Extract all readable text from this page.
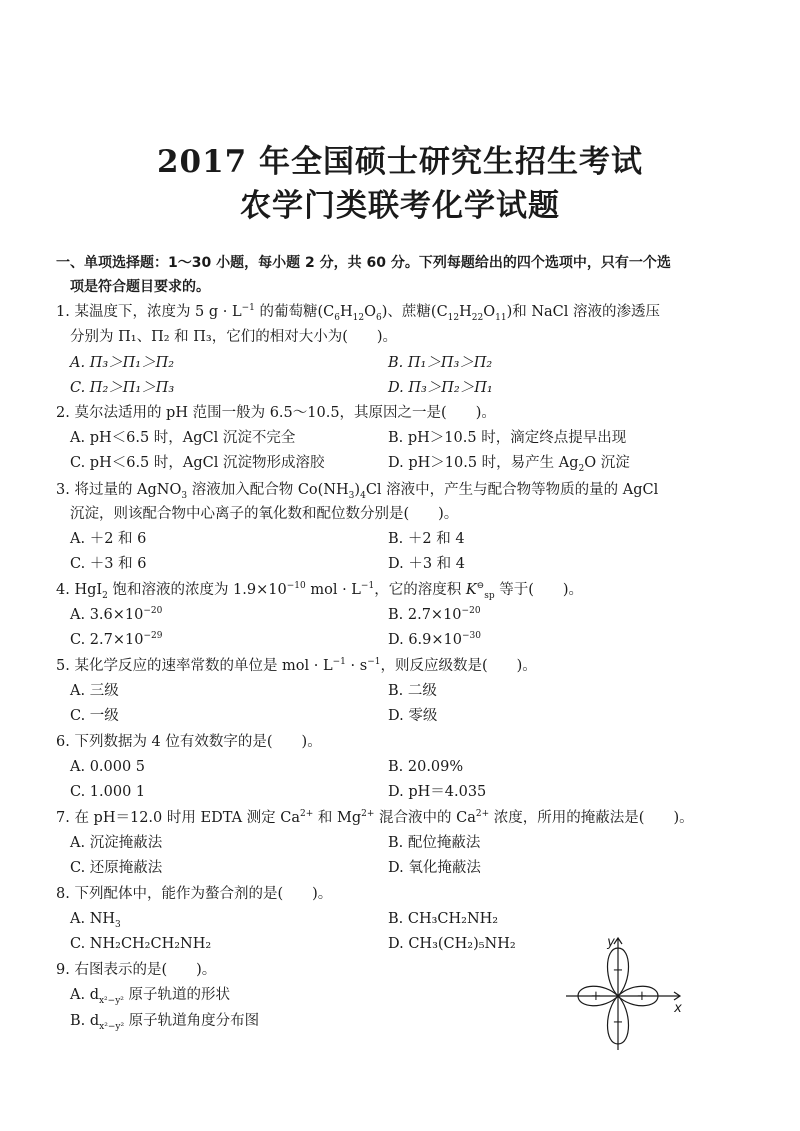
2017 年全国硕士研究生招生考试
农学门类联考化学试题
一、单项选择题：1～30 小题，每小题 2 分，共 60 分。下列每题给出的四个选项中，只有一个选
项是符合题目要求的。
1. 某温度下，浓度为 5 $g \cdot L^{-1}$ 的葡萄糖$(C_6H_{12}O_6)$、蔗糖$(C_{12}H_{22}O_{11})$和 NaCl 溶液的渗透压
分别为 Π₁、Π₂ 和 Π₃，它们的相对大小为(　　)。
A. Π₃＞Π₁＞Π₂	B. Π₁＞Π₃＞Π₂
C. Π₂＞Π₁＞Π₃	D. Π₃＞Π₂＞Π₁
2. 莫尔法适用的 pH 范围一般为 6.5～10.5，其原因之一是(　　)。
A. pH＜6.5 时，AgCl 沉淀不完全	B. pH＞10.5 时，滴定终点提早出现
C. pH＜6.5 时，AgCl 沉淀物形成溶胶	D. pH＞10.5 时，易产生 $Ag_2O$ 沉淀
3. 将过量的 AgNO$_3$ 溶液加入配合物 $Co(NH_3)_4Cl$ 溶液中，产生与配合物等物质的量的 AgCl
沉淀，则该配合物中心离子的氧化数和配位数分别是(　　)。
A. ＋2 和 6	B. ＋2 和 4
C. ＋3 和 6	D. ＋3 和 4
4. HgI$_2$ 饱和溶液的浓度为 $1.9\times 10^{-10}$ mol · $L^{-1}$，它的溶度积 $K^⊖_{sp}$ 等于(　　)。
A. $3.6\times 10^{-20}$	B. $2.7\times 10^{-20}$
C. $2.7\times 10^{-29}$	D. $6.9\times 10^{-30}$
5. 某化学反应的速率常数的单位是 mol · $L^{-1} \cdot s^{-1}$，则反应级数是(　　)。
A. 三级	B. 二级
C. 一级	D. 零级
6. 下列数据为 4 位有效数字的是(　　)。
A. 0.000 5	B. 20.09%
C. 1.000 1	D. pH＝4.035
7. 在 pH＝12.0 时用 EDTA 测定 $Ca^{2+}$ 和 $Mg^{2+}$ 混合液中的 $Ca^{2+}$ 浓度，所用的掩蔽法是(　　)。
A. 沉淀掩蔽法	B. 配位掩蔽法
C. 还原掩蔽法	D. 氧化掩蔽法
8. 下列配体中，能作为螯合剂的是(　　)。
A. $NH_3$	B. CH₃CH₂NH₂
C. NH₂CH₂CH₂NH₂	D. CH₃(CH₂)₅NH₂
9. 右图表示的是(　　)。
A. $d_{x^2-y^2}$ 原子轨道的形状
B. $d_{x^2-y^2}$ 原子轨道角度分布图
y
x
−
−
+	+
